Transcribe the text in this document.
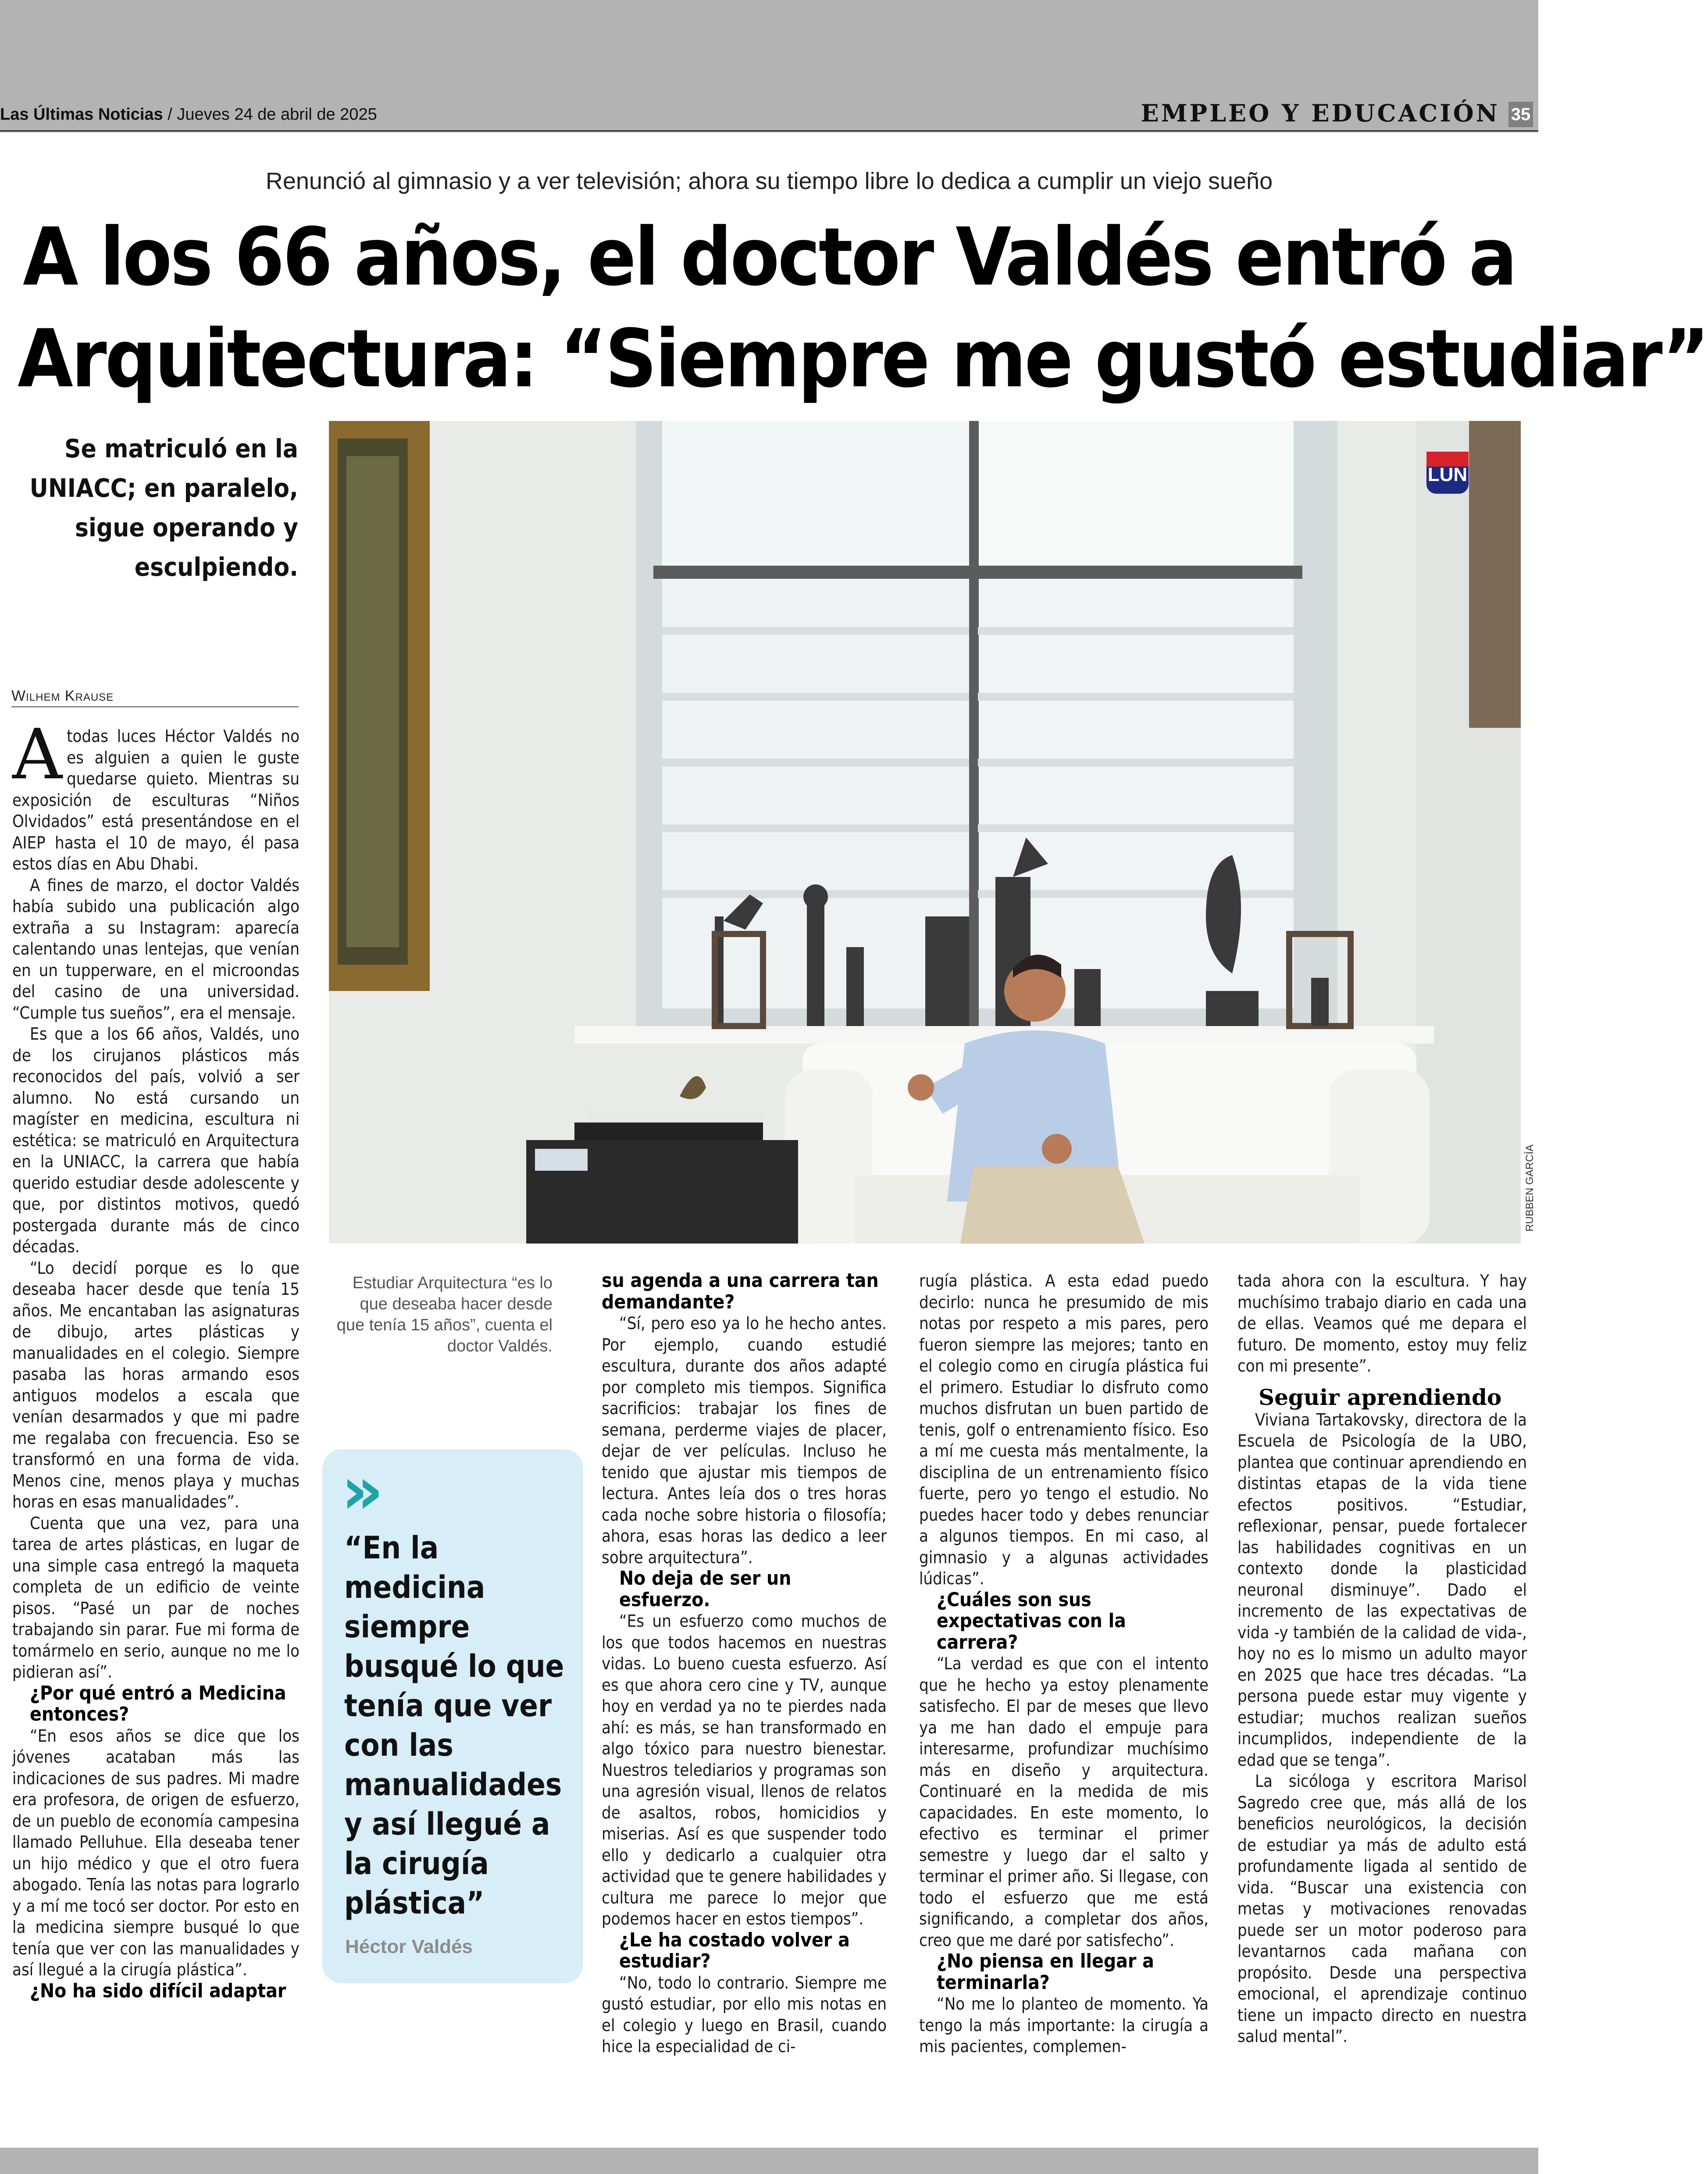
Las Últimas Noticias / Jueves 24 de abril de 2025	EMPLEO Y EDUCACIÓN 35
Renunció al gimnasio y a ver televisión; ahora su tiempo libre lo dedica a cumplir un viejo sueño
A los 66 años, el doctor Valdés entró a
Arquitectura: “Siempre me gustó estudiar”
Se matriculó en la UNIACC; en paralelo, sigue operando y esculpiendo.
LUN
RUBBEN GARCÍA
Wilhem Krause

A todas luces Héctor Valdés no es alguien a quien le guste quedarse quieto. Mientras su exposición de esculturas “Niños Olvidados” está presentándose en el AIEP hasta el 10 de mayo, él pasa estos días en Abu Dhabi.

A fines de marzo, el doctor Valdés había subido una publicación algo extraña a su Instagram: aparecía calentando unas lentejas, que venían en un tupperware, en el microondas del casino de una universidad. “Cumple tus sueños”, era el mensaje.

Es que a los 66 años, Valdés, uno de los cirujanos plásticos más reconocidos del país, volvió a ser alumno. No está cursando un magíster en medicina, escultura ni estética: se matriculó en Arquitectura en la UNIACC, la carrera que había querido estudiar desde adolescente y que, por distintos motivos, quedó postergada durante más de cinco décadas.

“Lo decidí porque es lo que deseaba hacer desde que tenía 15 años. Me encantaban las asignaturas de dibujo, artes plásticas y manualidades en el colegio. Siempre pasaba las horas armando esos antiguos modelos a escala que venían desarmados y que mi padre me regalaba con frecuencia. Eso se transformó en una forma de vida. Menos cine, menos playa y muchas horas en esas manualidades”.

Cuenta que una vez, para una tarea de artes plásticas, en lugar de una simple casa entregó la maqueta completa de un edificio de veinte pisos. “Pasé un par de noches trabajando sin parar. Fue mi forma de tomármelo en serio, aunque no me lo pidieran así”.

¿Por qué entró a Medicina entonces?

“En esos años se dice que los jóvenes acataban más las indicaciones de sus padres. Mi madre era profesora, de origen de esfuerzo, de un pueblo de economía campesina llamado Pelluhue. Ella deseaba tener un hijo médico y que el otro fuera abogado. Tenía las notas para lograrlo y a mí me tocó ser doctor. Por esto en la medicina siempre busqué lo que tenía que ver con las manualidades y así llegué a la cirugía plástica”.

¿No ha sido difícil adaptar
Estudiar Arquitectura “es lo que deseaba hacer desde que tenía 15 años”, cuenta el doctor Valdés.
»
“En la medicina siempre busqué lo que tenía que ver con las manualidades y así llegué a la cirugía plástica”
Héctor Valdés
su agenda a una carrera tan demandante?

“Sí, pero eso ya lo he hecho antes. Por ejemplo, cuando estudié escultura, durante dos años adapté por completo mis tiempos. Significa sacrificios: trabajar los fines de semana, perderme viajes de placer, dejar de ver películas. Incluso he tenido que ajustar mis tiempos de lectura. Antes leía dos o tres horas cada noche sobre historia o filosofía; ahora, esas horas las dedico a leer sobre arquitectura”.

No deja de ser un esfuerzo.

“Es un esfuerzo como muchos de los que todos hacemos en nuestras vidas. Lo bueno cuesta esfuerzo. Así es que ahora cero cine y TV, aunque hoy en verdad ya no te pierdes nada ahí: es más, se han transformado en algo tóxico para nuestro bienestar. Nuestros telediarios y programas son una agresión visual, llenos de relatos de asaltos, robos, homicidios y miserias. Así es que suspender todo ello y dedicarlo a cualquier otra actividad que te genere habilidades y cultura me parece lo mejor que podemos hacer en estos tiempos”.

¿Le ha costado volver a estudiar?

“No, todo lo contrario. Siempre me gustó estudiar, por ello mis notas en el colegio y luego en Brasil, cuando hice la especialidad de ci-

rugía plástica. A esta edad puedo decirlo: nunca he presumido de mis notas por respeto a mis pares, pero fueron siempre las mejores; tanto en el colegio como en cirugía plástica fui el primero. Estudiar lo disfruto como muchos disfrutan un buen partido de tenis, golf o entrenamiento físico. Eso a mí me cuesta más mentalmente, la disciplina de un entrenamiento físico fuerte, pero yo tengo el estudio. No puedes hacer todo y debes renunciar a algunos tiempos. En mi caso, al gimnasio y a algunas actividades lúdicas”.

¿Cuáles son sus expectativas con la carrera?

“La verdad es que con el intento que he hecho ya estoy plenamente satisfecho. El par de meses que llevo ya me han dado el empuje para interesarme, profundizar muchísimo más en diseño y arquitectura. Continuaré en la medida de mis capacidades. En este momento, lo efectivo es terminar el primer semestre y luego dar el salto y terminar el primer año. Si llegase, con todo el esfuerzo que me está significando, a completar dos años, creo que me daré por satisfecho”.

¿No piensa en llegar a terminarla?

“No me lo planteo de momento. Ya tengo la más importante: la cirugía a mis pacientes, complemen-

tada ahora con la escultura. Y hay muchísimo trabajo diario en cada una de ellas. Veamos qué me depara el futuro. De momento, estoy muy feliz con mi presente”.

Seguir aprendiendo

Viviana Tartakovsky, directora de la Escuela de Psicología de la UBO, plantea que continuar aprendiendo en distintas etapas de la vida tiene efectos positivos. “Estudiar, reflexionar, pensar, puede fortalecer las habilidades cognitivas en un contexto donde la plasticidad neuronal disminuye”. Dado el incremento de las expectativas de vida -y también de la calidad de vida-, hoy no es lo mismo un adulto mayor en 2025 que hace tres décadas. “La persona puede estar muy vigente y estudiar; muchos realizan sueños incumplidos, independiente de la edad que se tenga”.

La sicóloga y escritora Marisol Sagredo cree que, más allá de los beneficios neurológicos, la decisión de estudiar ya más de adulto está profundamente ligada al sentido de vida. “Buscar una existencia con metas y motivaciones renovadas puede ser un motor poderoso para levantarnos cada mañana con propósito. Desde una perspectiva emocional, el aprendizaje continuo tiene un impacto directo en nuestra salud mental”.
